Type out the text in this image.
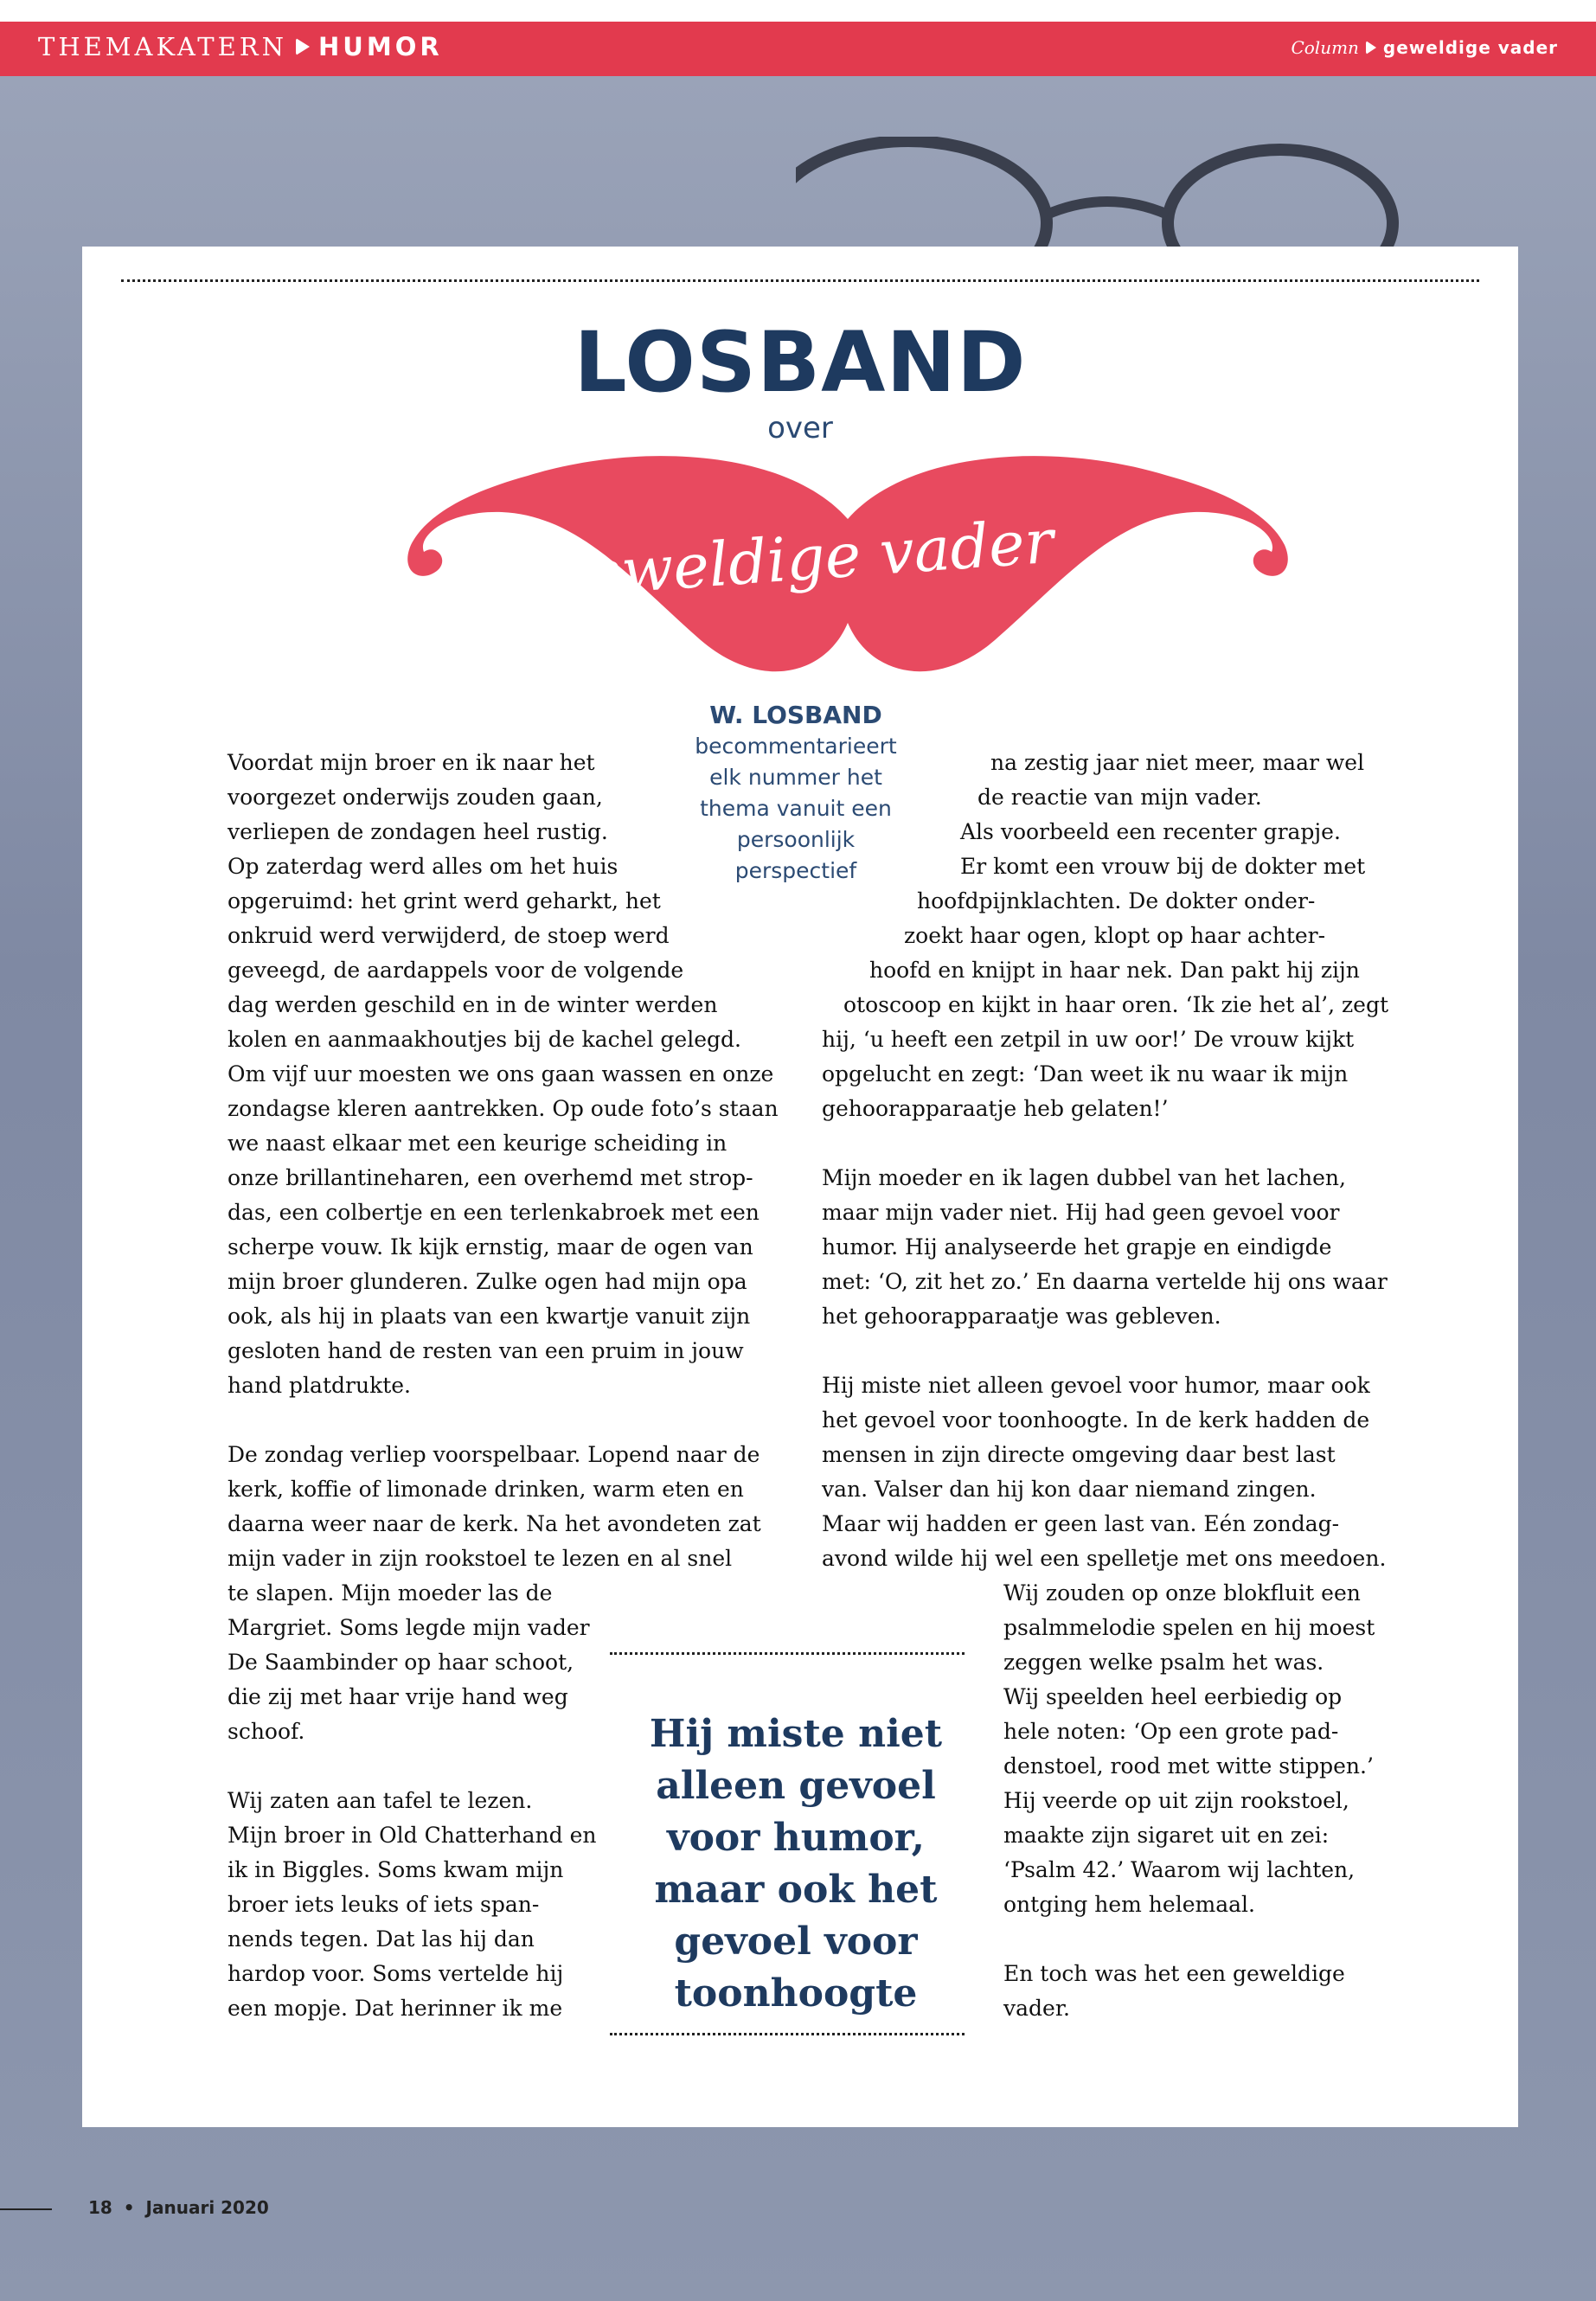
THEMAKATERN HUMOR	Column geweldige vader
LOSBAND
over
geweldige vader
W. LOSBAND
becommentarieert
elk nummer het
thema vanuit een
persoonlijk
perspectief

Voordat mijn broer en ik naar het

voorgezet onderwijs zouden gaan,

verliepen de zondagen heel rustig.

Op zaterdag werd alles om het huis

opgeruimd: het grint werd geharkt, het

onkruid werd verwijderd, de stoep werd

geveegd, de aardappels voor de volgende

dag werden geschild en in de winter werden

kolen en aanmaakhoutjes bij de kachel gelegd.

Om vijf uur moesten we ons gaan wassen en onze

zondagse kleren aantrekken. Op oude foto’s staan

we naast elkaar met een keurige scheiding in

onze brillantineharen, een overhemd met strop-

das, een colbertje en een terlenkabroek met een

scherpe vouw. Ik kijk ernstig, maar de ogen van

mijn broer glunderen. Zulke ogen had mijn opa

ook, als hij in plaats van een kwartje vanuit zijn

gesloten hand de resten van een pruim in jouw

hand platdrukte.

De zondag verliep voorspelbaar. Lopend naar de

kerk, koffie of limonade drinken, warm eten en

daarna weer naar de kerk. Na het avondeten zat

mijn vader in zijn rookstoel te lezen en al snel

te slapen. Mijn moeder las de

Margriet. Soms legde mijn vader

De Saambinder op haar schoot,

die zij met haar vrije hand weg

schoof.

Wij zaten aan tafel te lezen.

Mijn broer in Old Chatterhand en

ik in Biggles. Soms kwam mijn

broer iets leuks of iets span-

nends tegen. Dat las hij dan

hardop voor. Soms vertelde hij

een mopje. Dat herinner ik me

na zestig jaar niet meer, maar wel

de reactie van mijn vader.

Als voorbeeld een recenter grapje.

Er komt een vrouw bij de dokter met

hoofdpijnklachten. De dokter onder-

zoekt haar ogen, klopt op haar achter-

hoofd en knijpt in haar nek. Dan pakt hij zijn

otoscoop en kijkt in haar oren. ‘Ik zie het al’, zegt

hij, ‘u heeft een zetpil in uw oor!’ De vrouw kijkt

opgelucht en zegt: ‘Dan weet ik nu waar ik mijn

gehoorapparaatje heb gelaten!’

Mijn moeder en ik lagen dubbel van het lachen,

maar mijn vader niet. Hij had geen gevoel voor

humor. Hij analyseerde het grapje en eindigde

met: ‘O, zit het zo.’ En daarna vertelde hij ons waar

het gehoorapparaatje was gebleven.

Hij miste niet alleen gevoel voor humor, maar ook

het gevoel voor toonhoogte. In de kerk hadden de

mensen in zijn directe omgeving daar best last

van. Valser dan hij kon daar niemand zingen.

Maar wij hadden er geen last van. Eén zondag-

avond wilde hij wel een spelletje met ons meedoen.

Wij zouden op onze blokfluit een

psalmmelodie spelen en hij moest

zeggen welke psalm het was.

Wij speelden heel eerbiedig op

hele noten: ‘Op een grote pad-

denstoel, rood met witte stippen.’

Hij veerde op uit zijn rookstoel,

maakte zijn sigaret uit en zei:

‘Psalm 42.’ Waarom wij lachten,

ontging hem helemaal.

En toch was het een geweldige

vader.

Hij miste niet alleen gevoel voor humor, maar ook het gevoel voor toonhoogte
18 • Januari 2020
